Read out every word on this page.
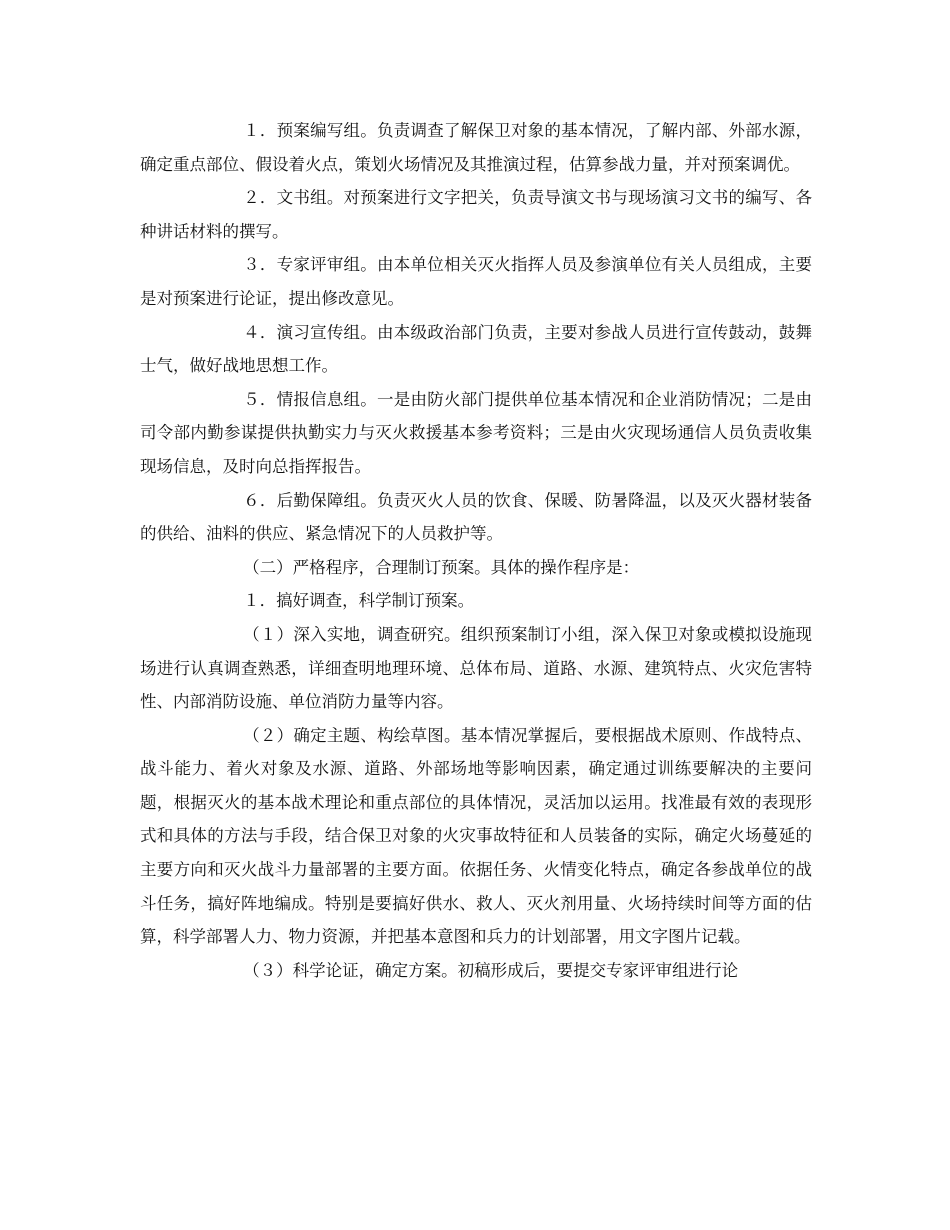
１．预案编写组。负责调查了解保卫对象的基本情况，了解内部、外部水源，确定重点部位、假设着火点，策划火场情况及其推演过程，估算参战力量，并对预案调优。

２．文书组。对预案进行文字把关，负责导演文书与现场演习文书的编写、各种讲话材料的撰写。

３．专家评审组。由本单位相关灭火指挥人员及参演单位有关人员组成，主要是对预案进行论证，提出修改意见。

４．演习宣传组。由本级政治部门负责，主要对参战人员进行宣传鼓动，鼓舞士气，做好战地思想工作。

５．情报信息组。一是由防火部门提供单位基本情况和企业消防情况；二是由司令部内勤参谋提供执勤实力与灭火救援基本参考资料；三是由火灾现场通信人员负责收集现场信息，及时向总指挥报告。

６．后勤保障组。负责灭火人员的饮食、保暖、防暑降温，以及灭火器材装备的供给、油料的供应、紧急情况下的人员救护等。

（二）严格程序，合理制订预案。具体的操作程序是：

１．搞好调查，科学制订预案。

（１）深入实地，调查研究。组织预案制订小组，深入保卫对象或模拟设施现场进行认真调查熟悉，详细查明地理环境、总体布局、道路、水源、建筑特点、火灾危害特性、内部消防设施、单位消防力量等内容。

（２）确定主题、构绘草图。基本情况掌握后，要根据战术原则、作战特点、战斗能力、着火对象及水源、道路、外部场地等影响因素，确定通过训练要解决的主要问题，根据灭火的基本战术理论和重点部位的具体情况，灵活加以运用。找准最有效的表现形式和具体的方法与手段，结合保卫对象的火灾事故特征和人员装备的实际，确定火场蔓延的主要方向和灭火战斗力量部署的主要方面。依据任务、火情变化特点，确定各参战单位的战斗任务，搞好阵地编成。特别是要搞好供水、救人、灭火剂用量、火场持续时间等方面的估算，科学部署人力、物力资源，并把基本意图和兵力的计划部署，用文字图片记载。

（３）科学论证，确定方案。初稿形成后，要提交专家评审组进行论
